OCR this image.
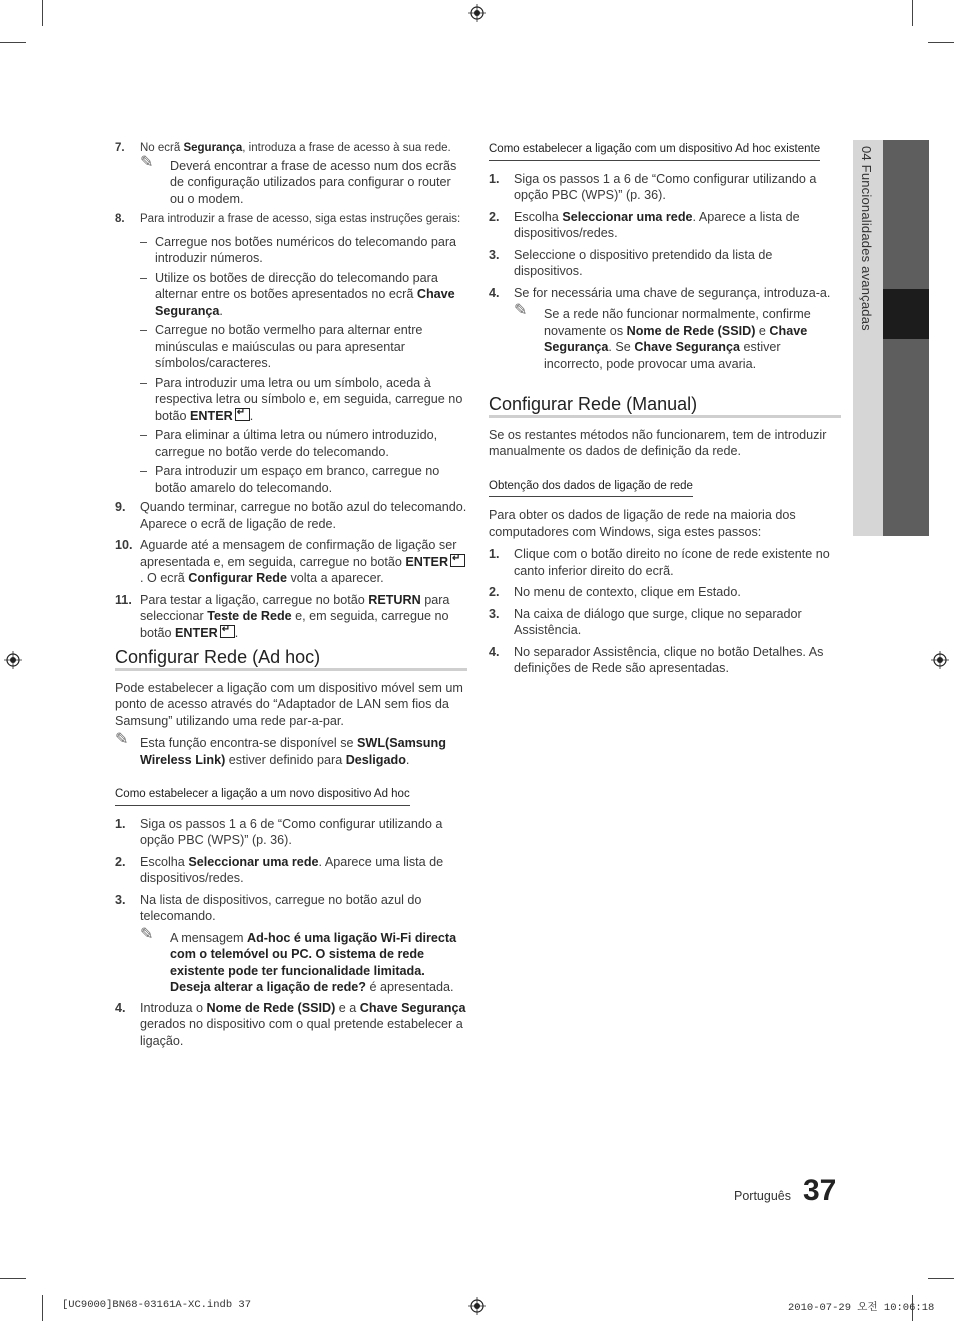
04 Funcionalidades avançadas
7. No ecrã Segurança, introduza a frase de acesso à sua rede.
✎ Deverá encontrar a frase de acesso num dos ecrãs de configuração utilizados para configurar o router ou o modem.
8. Para introduzir a frase de acesso, siga estas instruções gerais:
– Carregue nos botões numéricos do telecomando para introduzir números.
– Utilize os botões de direcção do telecomando para alternar entre os botões apresentados no ecrã Chave Segurança.
– Carregue no botão vermelho para alternar entre minúsculas e maiúsculas ou para apresentar símbolos/caracteres.
– Para introduzir uma letra ou um símbolo, aceda à respectiva letra ou símbolo e, em seguida, carregue no botão ENTER ↵ .
– Para eliminar a última letra ou número introduzido, carregue no botão verde do telecomando.
– Para introduzir um espaço em branco, carregue no botão amarelo do telecomando.
9. Quando terminar, carregue no botão azul do telecomando. Aparece o ecrã de ligação de rede.
10. Aguarde até a mensagem de confirmação de ligação ser apresentada e, em seguida, carregue no botão ENTER↵. O ecrã Configurar Rede volta a aparecer.
11. Para testar a ligação, carregue no botão RETURN para seleccionar Teste de Rede e, em seguida, carregue no botão ENTER ↵ .
Configurar Rede (Ad hoc)

Pode estabelecer a ligação com um dispositivo móvel sem um ponto de acesso através do “Adaptador de LAN sem fios da Samsung” utilizando uma rede par-a-par.

✎ Esta função encontra-se disponível se SWL(Samsung Wireless Link) estiver definido para Desligado.
Como estabelecer a ligação a um novo dispositivo Ad hoc
1. Siga os passos 1 a 6 de “Como configurar utilizando a opção PBC (WPS)” (p. 36).
2. Escolha Seleccionar uma rede. Aparece uma lista de dispositivos/redes.
3. Na lista de dispositivos, carregue no botão azul do telecomando.
✎ A mensagem Ad-hoc é uma ligação Wi-Fi directa com o telemóvel ou PC. O sistema de rede existente pode ter funcionalidade limitada. Deseja alterar a ligação de rede? é apresentada.
4. Introduza o Nome de Rede (SSID) e a Chave Segurança gerados no dispositivo com o qual pretende estabelecer a ligação.
Como estabelecer a ligação com um dispositivo Ad hoc existente
1. Siga os passos 1 a 6 de “Como configurar utilizando a opção PBC (WPS)” (p. 36).
2. Escolha Seleccionar uma rede. Aparece a lista de dispositivos/redes.
3. Seleccione o dispositivo pretendido da lista de dispositivos.
4. Se for necessária uma chave de segurança, introduza-a.
✎ Se a rede não funcionar normalmente, confirme novamente os Nome de Rede (SSID) e Chave Segurança. Se Chave Segurança estiver incorrecto, pode provocar uma avaria.
Configurar Rede (Manual)

Se os restantes métodos não funcionarem, tem de introduzir manualmente os dados de definição da rede.

Obtenção dos dados de ligação de rede

Para obter os dados de ligação de rede na maioria dos computadores com Windows, siga estes passos:

1. Clique com o botão direito no ícone de rede existente no canto inferior direito do ecrã.
2. No menu de contexto, clique em Estado.
3. Na caixa de diálogo que surge, clique no separador Assistência.
4. No separador Assistência, clique no botão Detalhes. As definições de Rede são apresentadas.
Português 37
[UC9000]BN68-03161A-XC.indb 37	2010-07-29 오전 10:06:18
